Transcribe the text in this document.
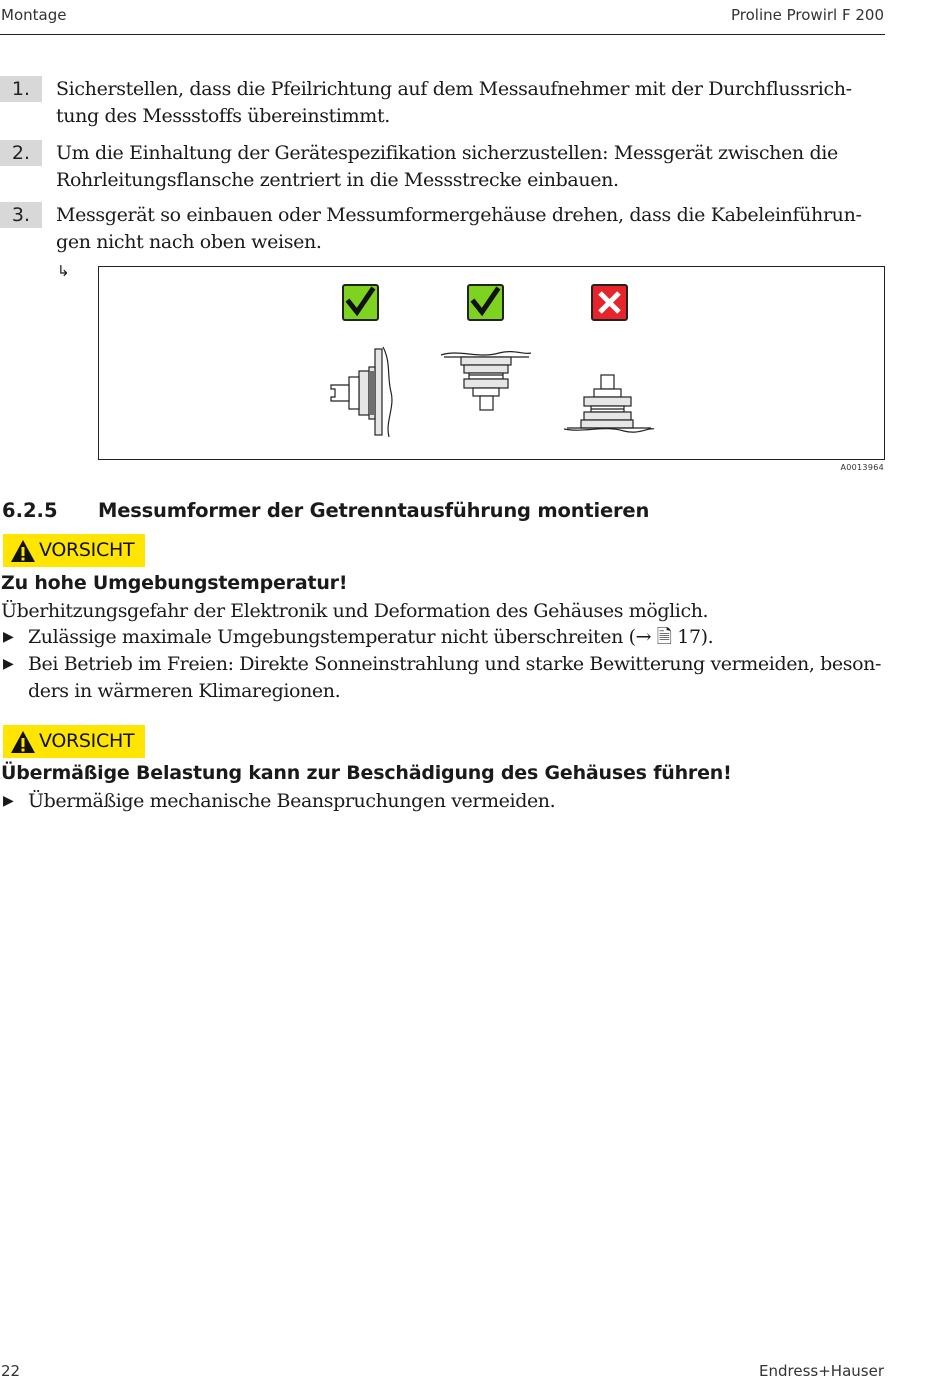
Montage	Proline Prowirl F 200
1.	Sicherstellen, dass die Pfeilrichtung auf dem Messaufnehmer mit der Durchflussrich-tung des Messstoffs übereinstimmt.
2.	Um die Einhaltung der Gerätespezifikation sicherzustellen: Messgerät zwischen die Rohrleitungsflansche zentriert in die Messstrecke einbauen.
3.	Messgerät so einbauen oder Messumformergehäuse drehen, dass die Kabeleinführun-gen nicht nach oben weisen.
↳
A0013964
6.2.5 Messumformer der Getrenntausführung montieren
VORSICHT
Zu hohe Umgebungstemperatur!
Überhitzungsgefahr der Elektronik und Deformation des Gehäuses möglich.
▶ Zulässige maximale Umgebungstemperatur nicht überschreiten (→ 🗎 17).
▶ Bei Betrieb im Freien: Direkte Sonneinstrahlung und starke Bewitterung vermeiden, beson-ders in wärmeren Klimaregionen.
VORSICHT
Übermäßige Belastung kann zur Beschädigung des Gehäuses führen!
▶ Übermäßige mechanische Beanspruchungen vermeiden.
22	Endress+Hauser
